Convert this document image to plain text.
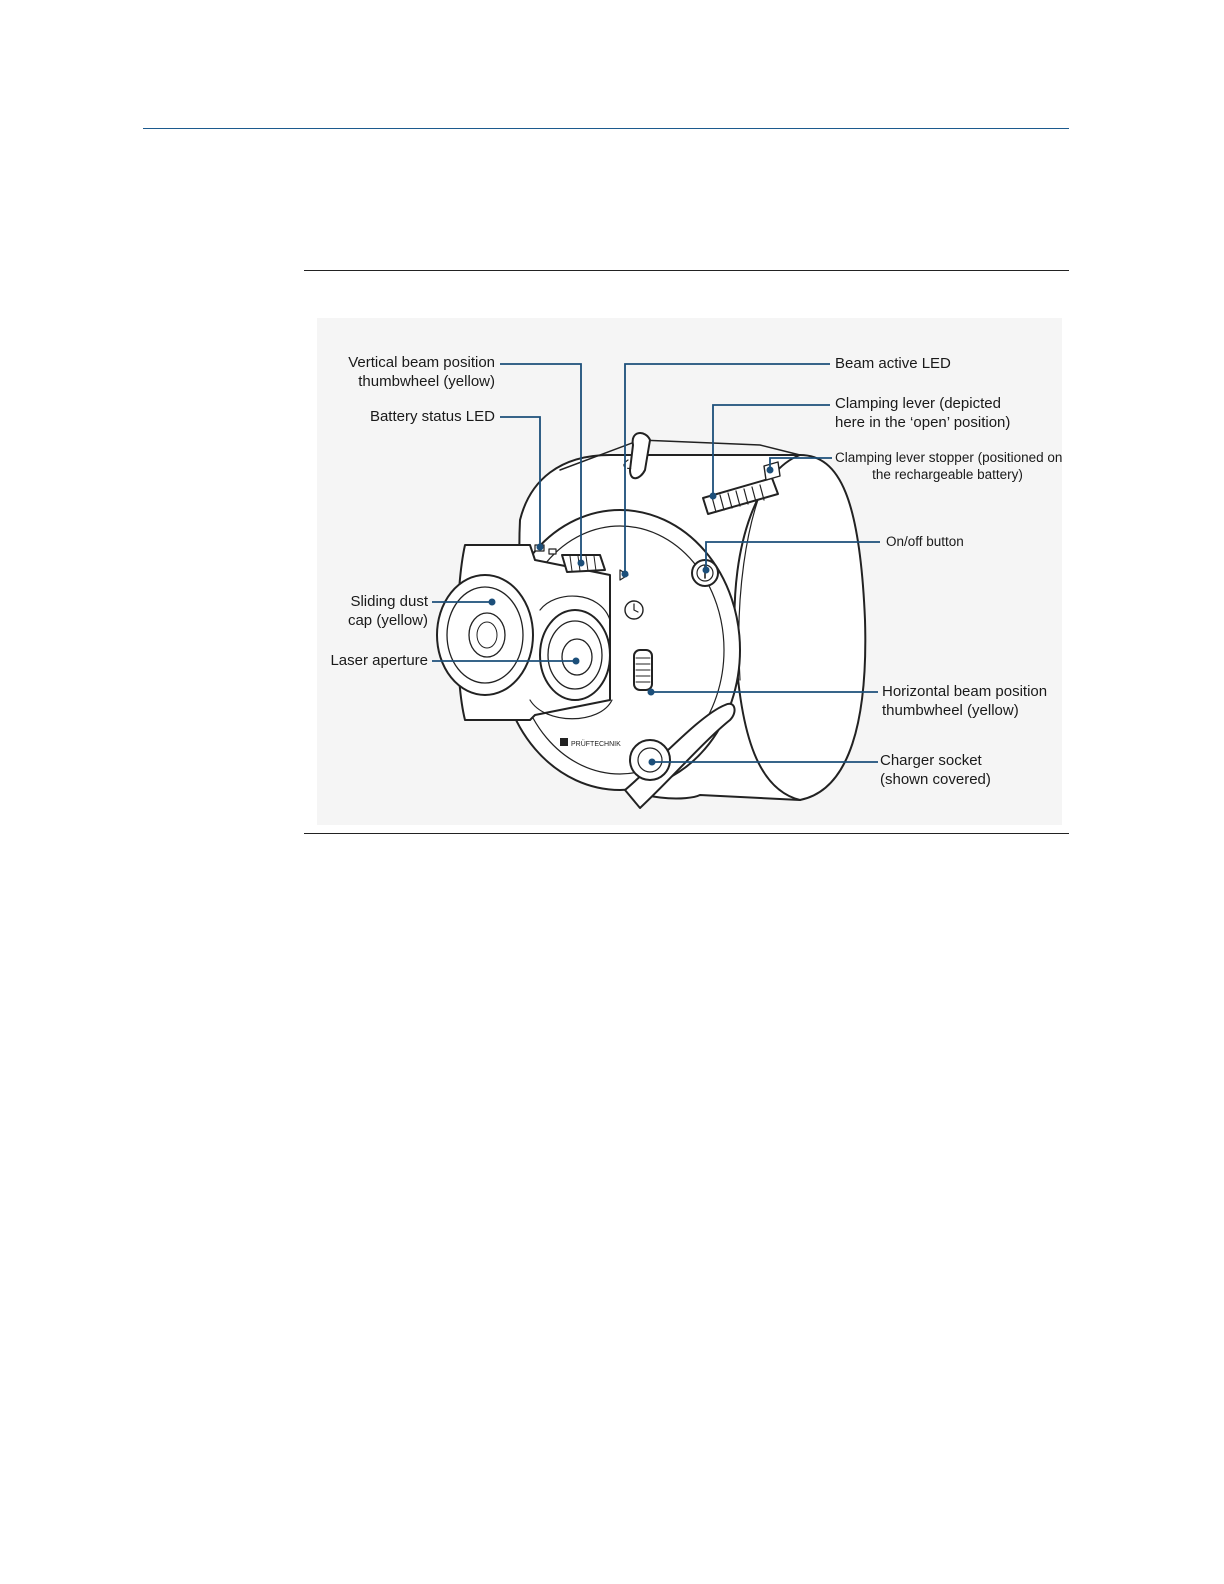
PRÜFTECHNIK
Vertical beam position
thumbwheel (yellow)
Battery status LED
Sliding dust
cap (yellow)
Laser aperture
Beam active LED
Clamping lever (depicted
here in the ‘open’ position)
Clamping lever stopper (positioned on
the rechargeable battery)
On/off button
Horizontal beam position
thumbwheel (yellow)
Charger socket
(shown covered)
